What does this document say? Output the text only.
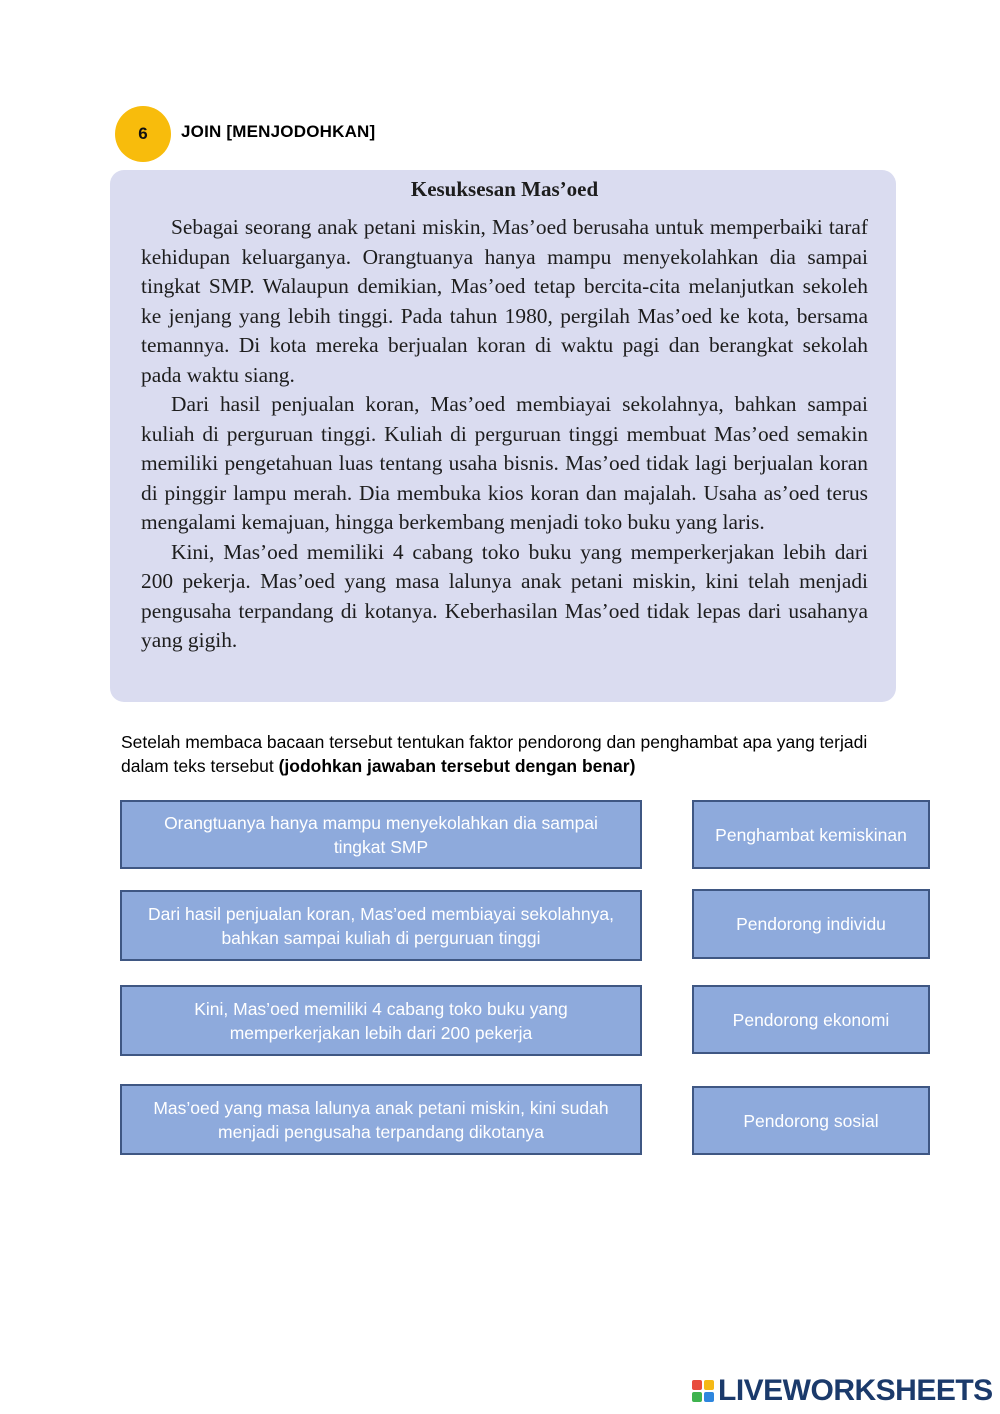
6 JOIN [MENJODOHKAN]
Kesuksesan Mas’oed

Sebagai seorang anak petani miskin, Mas’oed berusaha untuk memperbaiki taraf kehidupan keluarganya. Orangtuanya hanya mampu menyekolahkan dia sampai tingkat SMP. Walaupun demikian, Mas’oed tetap bercita-cita melanjutkan sekoleh ke jenjang yang lebih tinggi. Pada tahun 1980, pergilah Mas’oed ke kota, bersama temannya. Di kota mereka berjualan koran di waktu pagi dan berangkat sekolah pada waktu siang.

Dari hasil penjualan koran, Mas’oed membiayai sekolahnya, bahkan sampai kuliah di perguruan tinggi. Kuliah di perguruan tinggi membuat Mas’oed semakin memiliki pengetahuan luas tentang usaha bisnis. Mas’oed tidak lagi berjualan koran di pinggir lampu merah. Dia membuka kios koran dan majalah. Usaha as’oed terus mengalami kemajuan, hingga berkembang menjadi toko buku yang laris.

Kini, Mas’oed memiliki 4 cabang toko buku yang memperkerjakan lebih dari 200 pekerja. Mas’oed yang masa lalunya anak petani miskin, kini telah menjadi pengusaha terpandang di kotanya. Keberhasilan Mas’oed tidak lepas dari usahanya yang gigih.

Setelah membaca bacaan tersebut tentukan faktor pendorong dan penghambat apa yang terjadi dalam teks tersebut (jodohkan jawaban tersebut dengan benar)
Orangtuanya hanya mampu menyekolahkan dia sampai tingkat SMP
Dari hasil penjualan koran, Mas’oed membiayai sekolahnya, bahkan sampai kuliah di perguruan tinggi
Kini, Mas’oed memiliki 4 cabang toko buku yang memperkerjakan lebih dari 200 pekerja
Mas’oed yang masa lalunya anak petani miskin, kini sudah menjadi pengusaha terpandang dikotanya
Penghambat kemiskinan
Pendorong individu
Pendorong ekonomi
Pendorong sosial
LIVEWORKSHEETS
